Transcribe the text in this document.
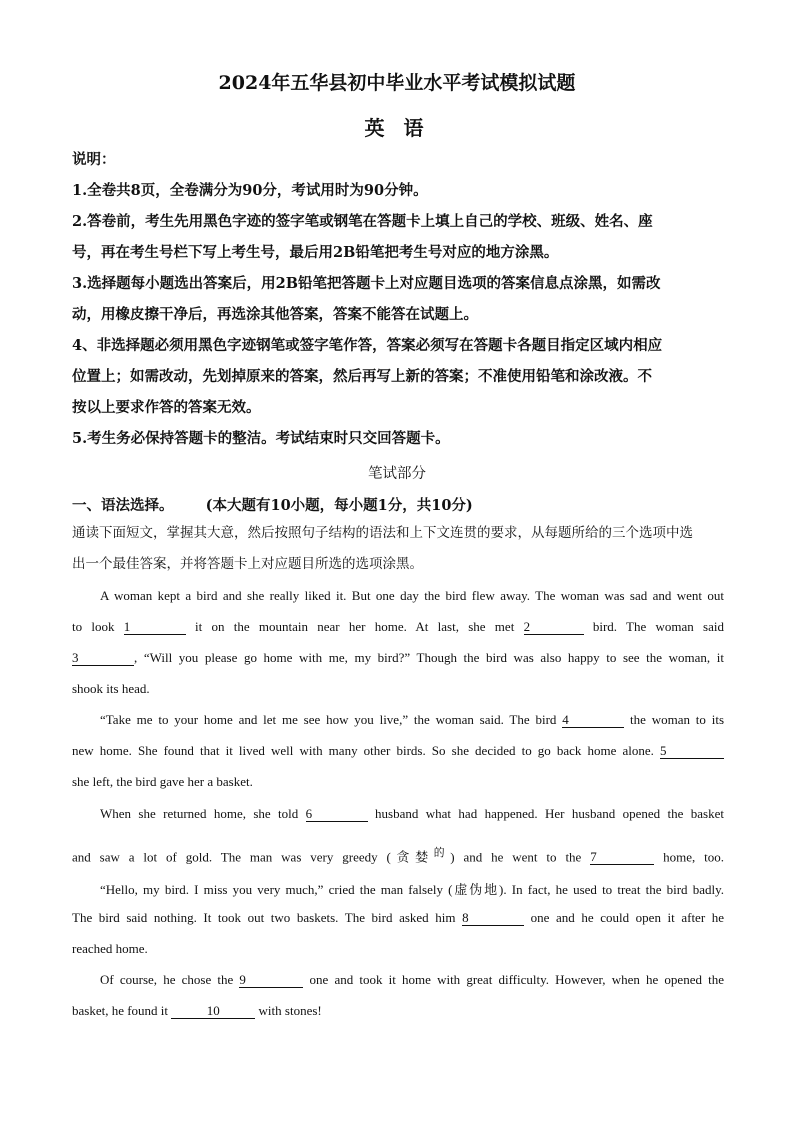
2024年五华县初中毕业水平考试模拟试题
英 语
说明：
1.全卷共8页，全卷满分为90分，考试用时为90分钟。
2.答卷前，考生先用黑色字迹的签字笔或钢笔在答题卡上填上自己的学校、班级、姓名、座
号，再在考生号栏下写上考生号，最后用2B铅笔把考生号对应的地方涂黑。
3.选择题每小题选出答案后，用2B铅笔把答题卡上对应题目选项的答案信息点涂黑，如需改
动，用橡皮擦干净后，再选涂其他答案，答案不能答在试题上。
4、非选择题必须用黑色字迹钢笔或签字笔作答，答案必须写在答题卡各题目指定区域内相应
位置上；如需改动，先划掉原来的答案，然后再写上新的答案；不准使用铅笔和涂改液。不
按以上要求作答的答案无效。
5.考生务必保持答题卡的整洁。考试结束时只交回答题卡。
笔试部分
一、语法选择。 (本大题有10小题，每小题1分，共10分)
通读下面短文，掌握其大意，然后按照句子结构的语法和上下文连贯的要求，从每题所给的三个选项中选
出一个最佳答案，并将答题卡上对应题目所选的选项涂黑。
A woman kept a bird and she really liked it. But one day the bird flew away. The woman was sad and went out
to look 1	it on the mountain near her home. At last, she met 2	bird. The woman said
3	, “Will you please go home with me, my bird?” Though the bird was also happy to see the woman, it
shook its head.
“Take me to your home and let me see how you live,” the woman said. The bird 4	the woman to its
new home. She found that it lived well with many other birds. So she decided to go back home alone. 5
she left, the bird gave her a basket.
When she returned home, she told 6	husband what had happened. Her husband opened the basket
and saw a lot of gold. The man was very greedy (贪婪$^的$) and he went to the 7	home, too.
“Hello, my bird. I miss you very much,” cried the man falsely (虚伪地). In fact, he used to treat the bird badly.
The bird said nothing. It took out two baskets. The bird asked him 8	one and he could open it after he
reached home.
Of course, he chose the 9	one and took it home with great difficulty. However, when he opened the
basket, he found it	10	with stones!
